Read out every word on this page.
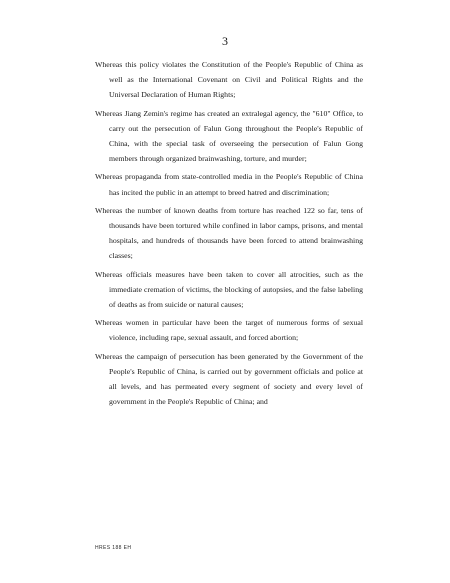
3
Whereas this policy violates the Constitution of the People's Republic of China as well as the International Covenant on Civil and Political Rights and the Universal Declaration of Human Rights;
Whereas Jiang Zemin's regime has created an extralegal agency, the "610" Office, to carry out the persecution of Falun Gong throughout the People's Republic of China, with the special task of overseeing the persecution of Falun Gong members through organized brainwashing, torture, and murder;
Whereas propaganda from state-controlled media in the People's Republic of China has incited the public in an attempt to breed hatred and discrimination;
Whereas the number of known deaths from torture has reached 122 so far, tens of thousands have been tortured while confined in labor camps, prisons, and mental hospitals, and hundreds of thousands have been forced to attend brainwashing classes;
Whereas officials measures have been taken to cover all atrocities, such as the immediate cremation of victims, the blocking of autopsies, and the false labeling of deaths as from suicide or natural causes;
Whereas women in particular have been the target of numerous forms of sexual violence, including rape, sexual assault, and forced abortion;
Whereas the campaign of persecution has been generated by the Government of the People's Republic of China, is carried out by government officials and police at all levels, and has permeated every segment of society and every level of government in the People's Republic of China; and
HRES 188 EH
